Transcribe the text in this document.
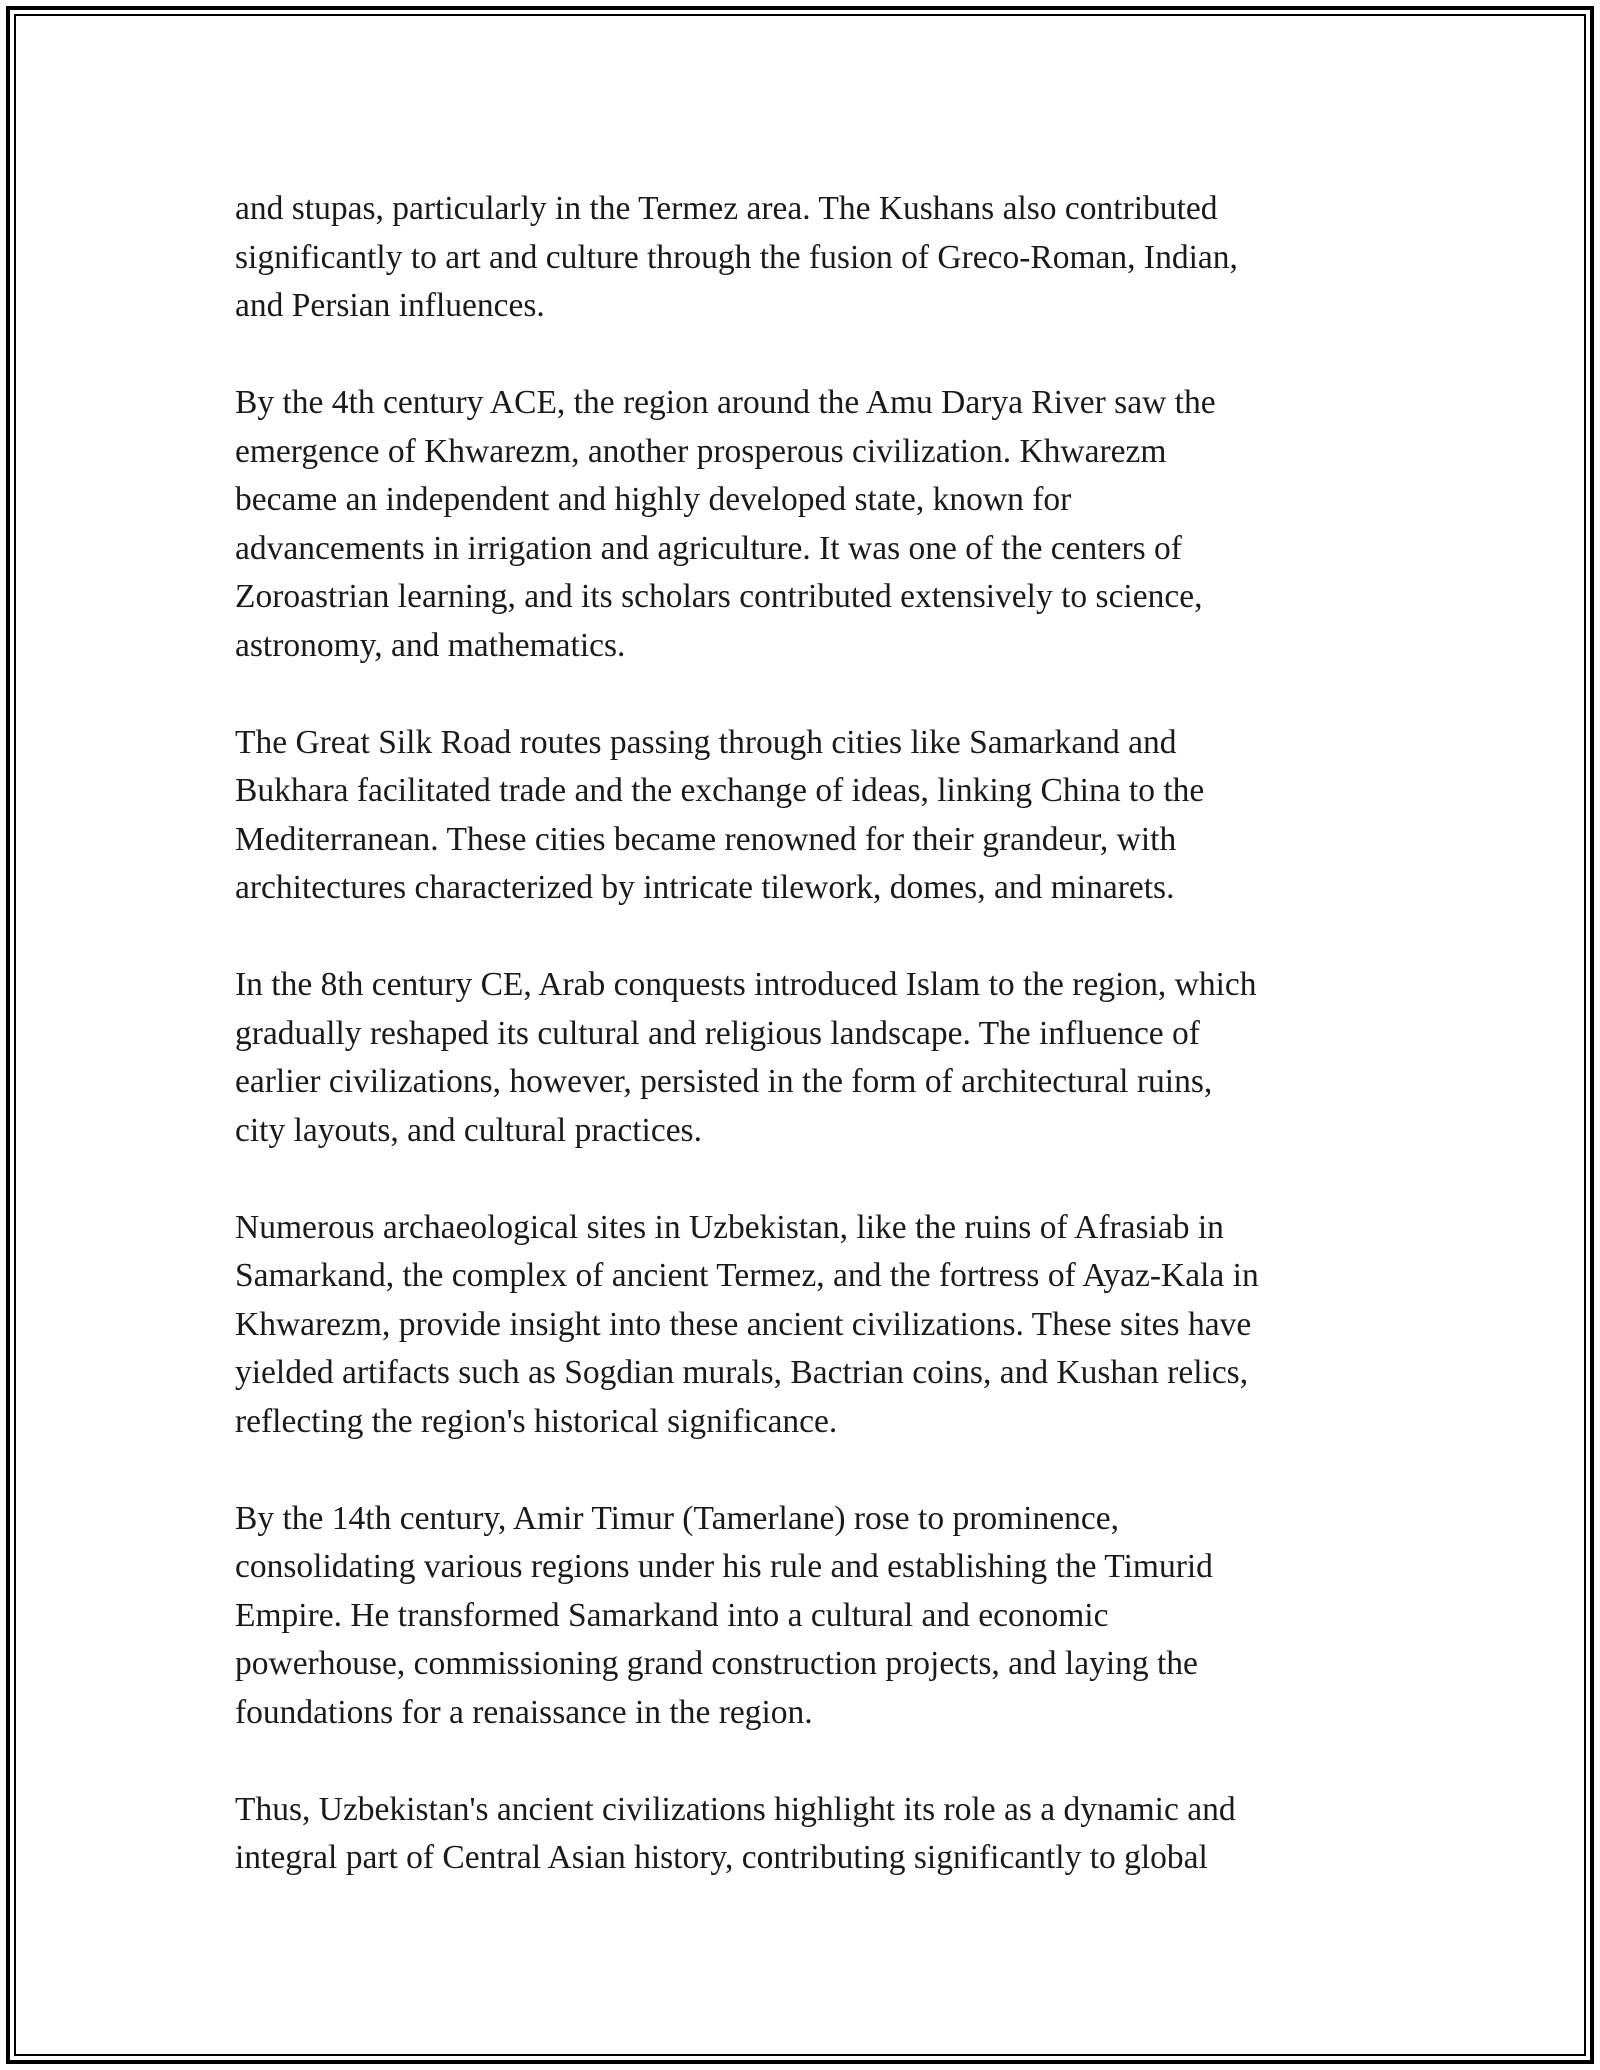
and stupas, particularly in the Termez area. The Kushans also contributed
significantly to art and culture through the fusion of Greco-Roman, Indian,
and Persian influences.

By the 4th century ACE, the region around the Amu Darya River saw the
emergence of Khwarezm, another prosperous civilization. Khwarezm
became an independent and highly developed state, known for
advancements in irrigation and agriculture. It was one of the centers of
Zoroastrian learning, and its scholars contributed extensively to science,
astronomy, and mathematics.

The Great Silk Road routes passing through cities like Samarkand and
Bukhara facilitated trade and the exchange of ideas, linking China to the
Mediterranean. These cities became renowned for their grandeur, with
architectures characterized by intricate tilework, domes, and minarets.

In the 8th century CE, Arab conquests introduced Islam to the region, which
gradually reshaped its cultural and religious landscape. The influence of
earlier civilizations, however, persisted in the form of architectural ruins,
city layouts, and cultural practices.

Numerous archaeological sites in Uzbekistan, like the ruins of Afrasiab in
Samarkand, the complex of ancient Termez, and the fortress of Ayaz-Kala in
Khwarezm, provide insight into these ancient civilizations. These sites have
yielded artifacts such as Sogdian murals, Bactrian coins, and Kushan relics,
reflecting the region's historical significance.

By the 14th century, Amir Timur (Tamerlane) rose to prominence,
consolidating various regions under his rule and establishing the Timurid
Empire. He transformed Samarkand into a cultural and economic
powerhouse, commissioning grand construction projects, and laying the
foundations for a renaissance in the region.

Thus, Uzbekistan's ancient civilizations highlight its role as a dynamic and
integral part of Central Asian history, contributing significantly to global
